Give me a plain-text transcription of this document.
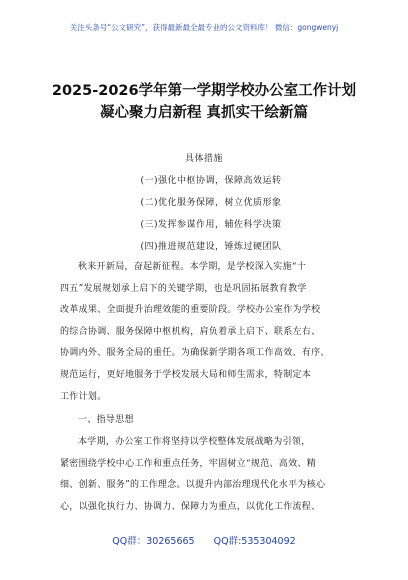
关注头条号“公文研究”，获得最新最全最专业的公文资料库！ 微信：gongwenyj
2025-2026学年第一学期学校办公室工作计划
凝心聚力启新程 真抓实干绘新篇
具体措施
(一)强化中枢协调，保障高效运转
(二)优化服务保障，树立优质形象
(三)发挥参谋作用，辅佐科学决策
(四)推进规范建设，锤炼过硬团队
秋来开新局，奋起新征程。本学期，是学校深入实施“十
四五”发展规划承上启下的关键学期，也是巩固拓展教育教学
改革成果、全面提升治理效能的重要阶段。学校办公室作为学校
的综合协调、服务保障中枢机构，肩负着承上启下、联系左右、
协调内外、服务全局的重任。为确保新学期各项工作高效、有序、
规范运行，更好地服务于学校发展大局和师生需求，特制定本
工作计划。
一、指导思想
本学期，办公室工作将坚持以学校整体发展战略为引领，
紧密围绕学校中心工作和重点任务，牢固树立“规范、高效、精
细、创新、服务”的工作理念。以提升内部治理现代化水平为核心
心，以强化执行力、协调力、保障力为重点，以优化工作流程、
QQ群：30265665 QQ群:535304092
